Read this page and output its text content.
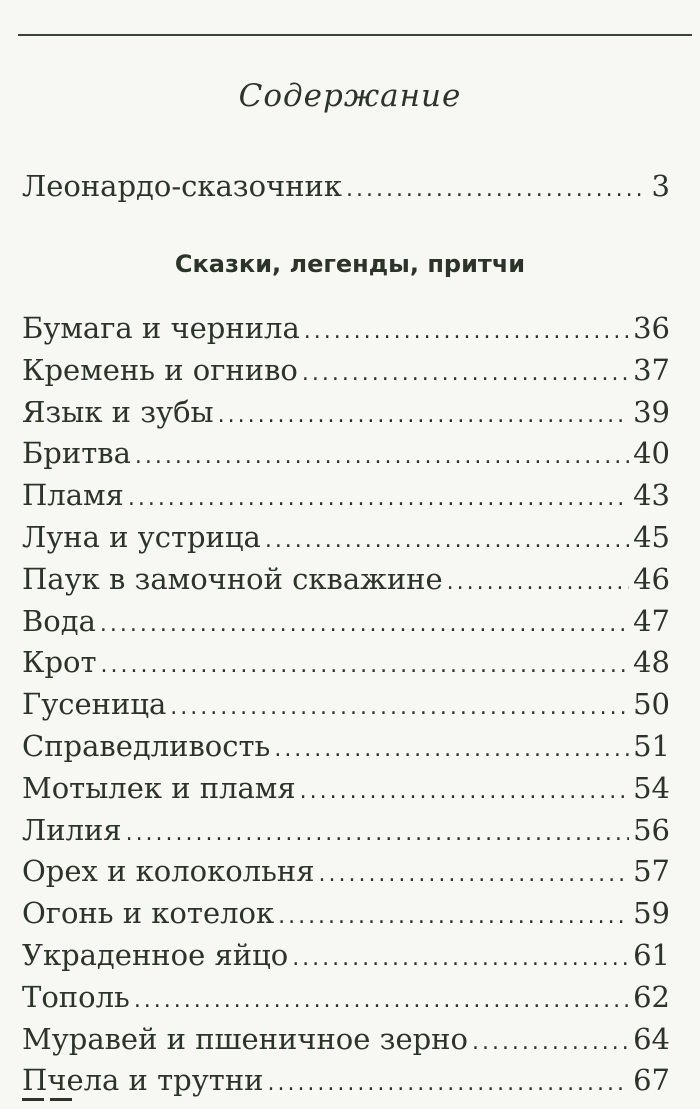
Содержание
Леонардо-сказочник . . .	3
Сказки, легенды, притчи
Бумага и чернила . . .	36
Кремень и огниво . . .	37
Язык и зубы . . .	39
Бритва . . .	40
Пламя . . .	43
Луна и устрица . . .	45
Паук в замочной скважине . . .	46
Вода . . .	47
Крот . . .	48
Гусеница . . .	50
Справедливость . . .	51
Мотылек и пламя . . .	54
Лилия . . .	56
Орех и колокольня . . .	57
Огонь и котелок . . .	59
Украденное яйцо . . .	61
Тополь . . .	62
Муравей и пшеничное зерно . . .	64
Пчела и трутни . . .	67
